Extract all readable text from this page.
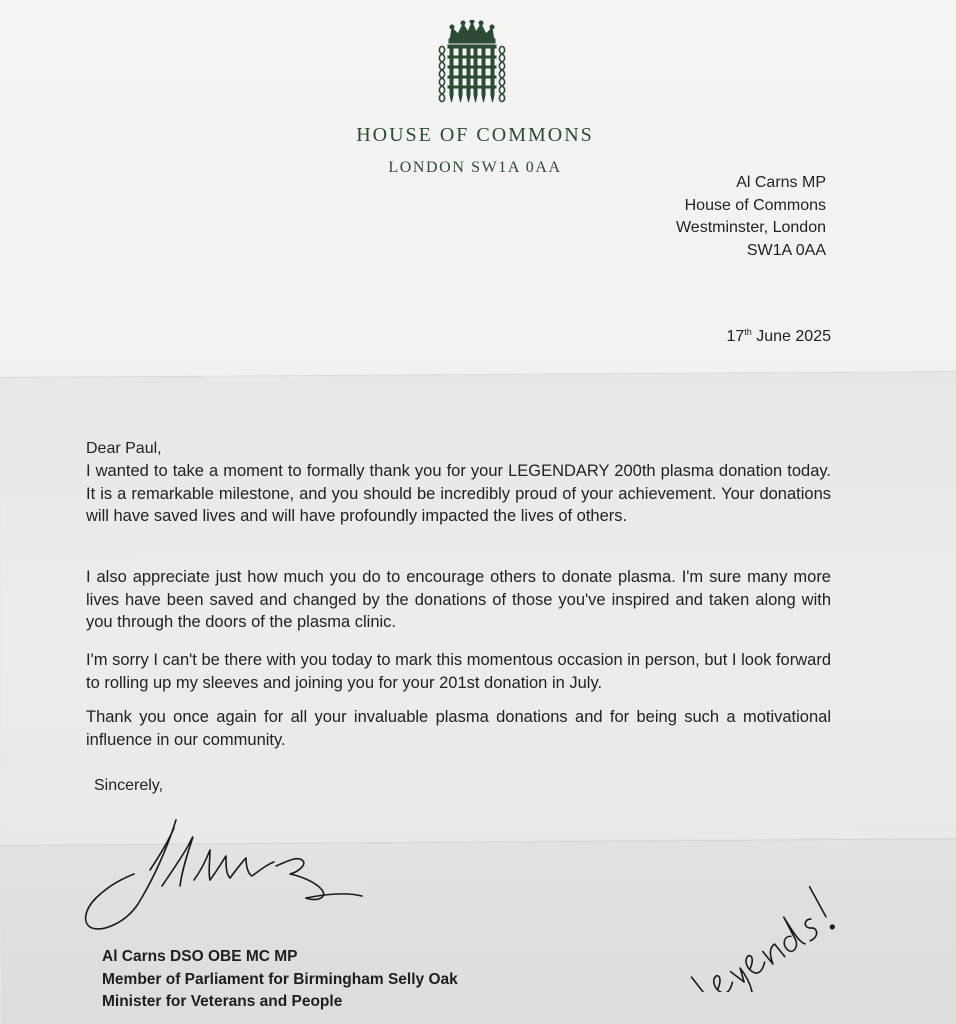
HOUSE OF COMMONS
LONDON SW1A 0AA
Al Carns MP
House of Commons
Westminster, London
SW1A 0AA
17th June 2025
Dear Paul,
I wanted to take a moment to formally thank you for your LEGENDARY 200th plasma donation today. It is a remarkable milestone, and you should be incredibly proud of your achievement. Your donations will have saved lives and will have profoundly impacted the lives of others.
I also appreciate just how much you do to encourage others to donate plasma. I'm sure many more lives have been saved and changed by the donations of those you've inspired and taken along with you through the doors of the plasma clinic.
I'm sorry I can't be there with you today to mark this momentous occasion in person, but I look forward to rolling up my sleeves and joining you for your 201st donation in July.
Thank you once again for all your invaluable plasma donations and for being such a motivational influence in our community.
Sincerely,
Al Carns DSO OBE MC MP
Member of Parliament for Birmingham Selly Oak
Minister for Veterans and People
